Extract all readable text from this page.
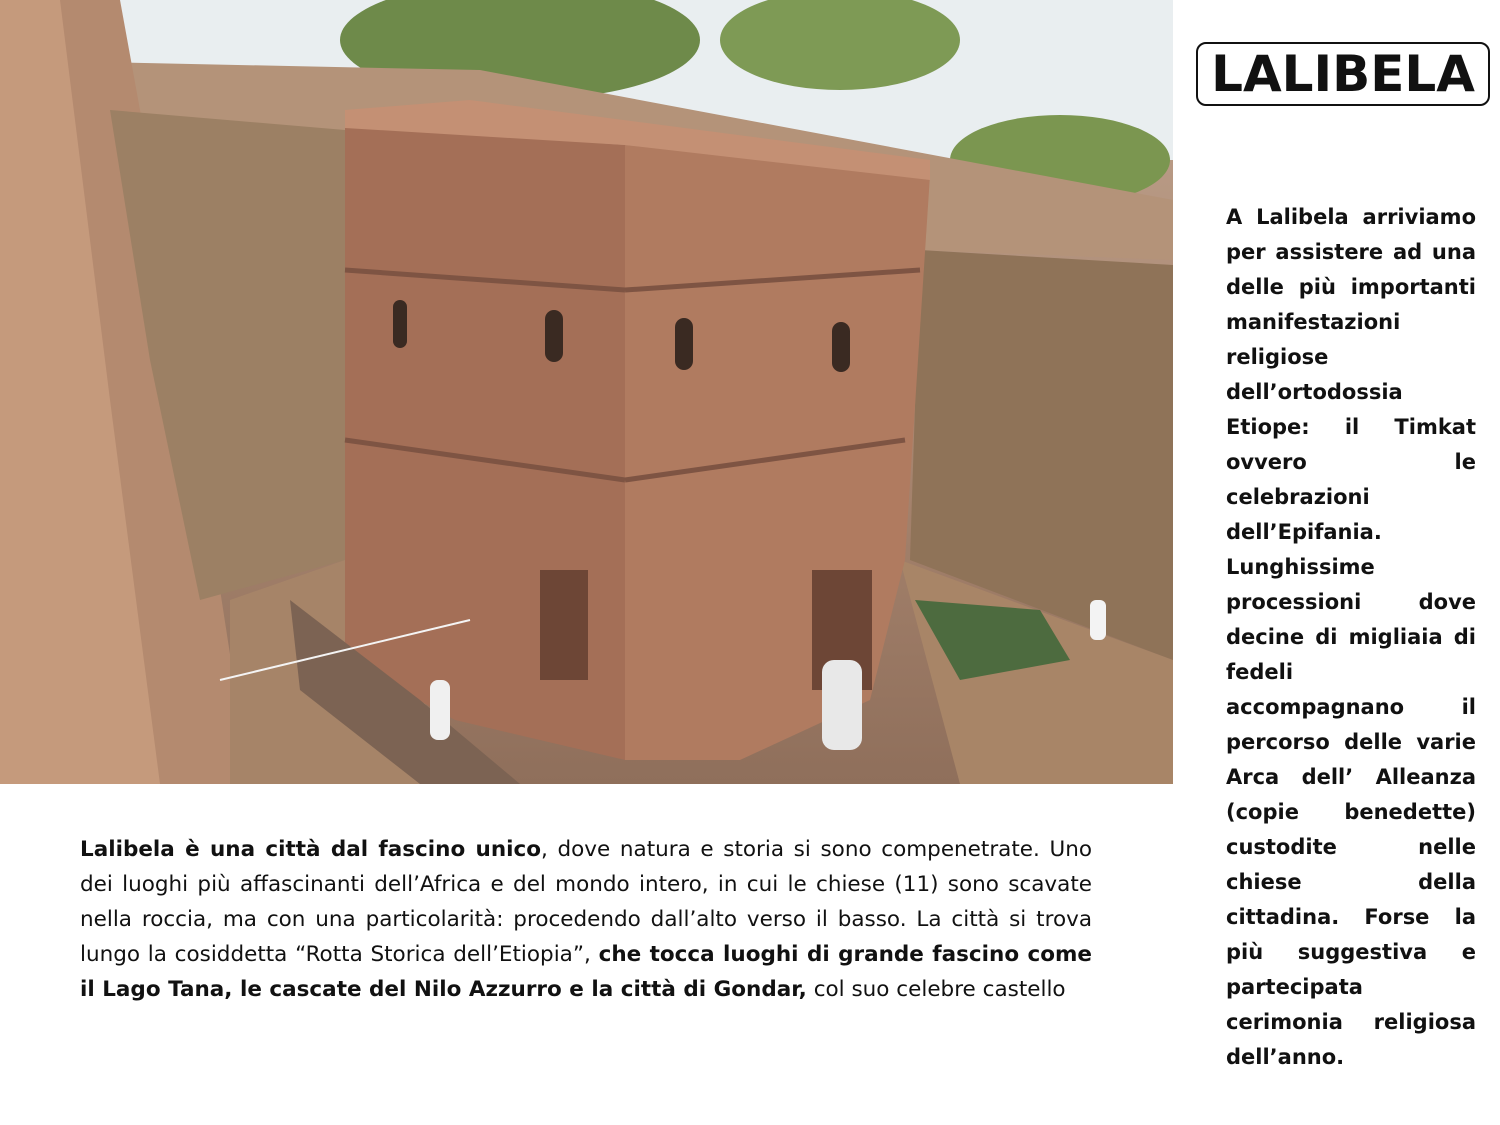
LALIBELA
A Lalibela arriviamo
per assistere ad una
delle più importanti
manifestazioni
religiose
dell’ortodossia
Etiope: il Timkat
ovvero le
celebrazioni
dell’Epifania.
Lunghissime
processioni dove
decine di migliaia di
fedeli
accompagnano il
percorso delle varie
Arca dell’ Alleanza
(copie benedette)
custodite nelle
chiese della
cittadina. Forse la
più suggestiva e
partecipata
cerimonia religiosa
dell’anno.
Lalibela è una città dal fascino unico, dove natura e storia si sono compenetrate. Uno dei luoghi più affascinanti dell’Africa e del mondo intero, in cui le chiese (11) sono scavate nella roccia, ma con una particolarità: procedendo dall’alto verso il basso. La città si trova lungo la cosiddetta “Rotta Storica dell’Etiopia”, che tocca luoghi di grande fascino come il Lago Tana, le cascate del Nilo Azzurro e la città di Gondar, col suo celebre castello
